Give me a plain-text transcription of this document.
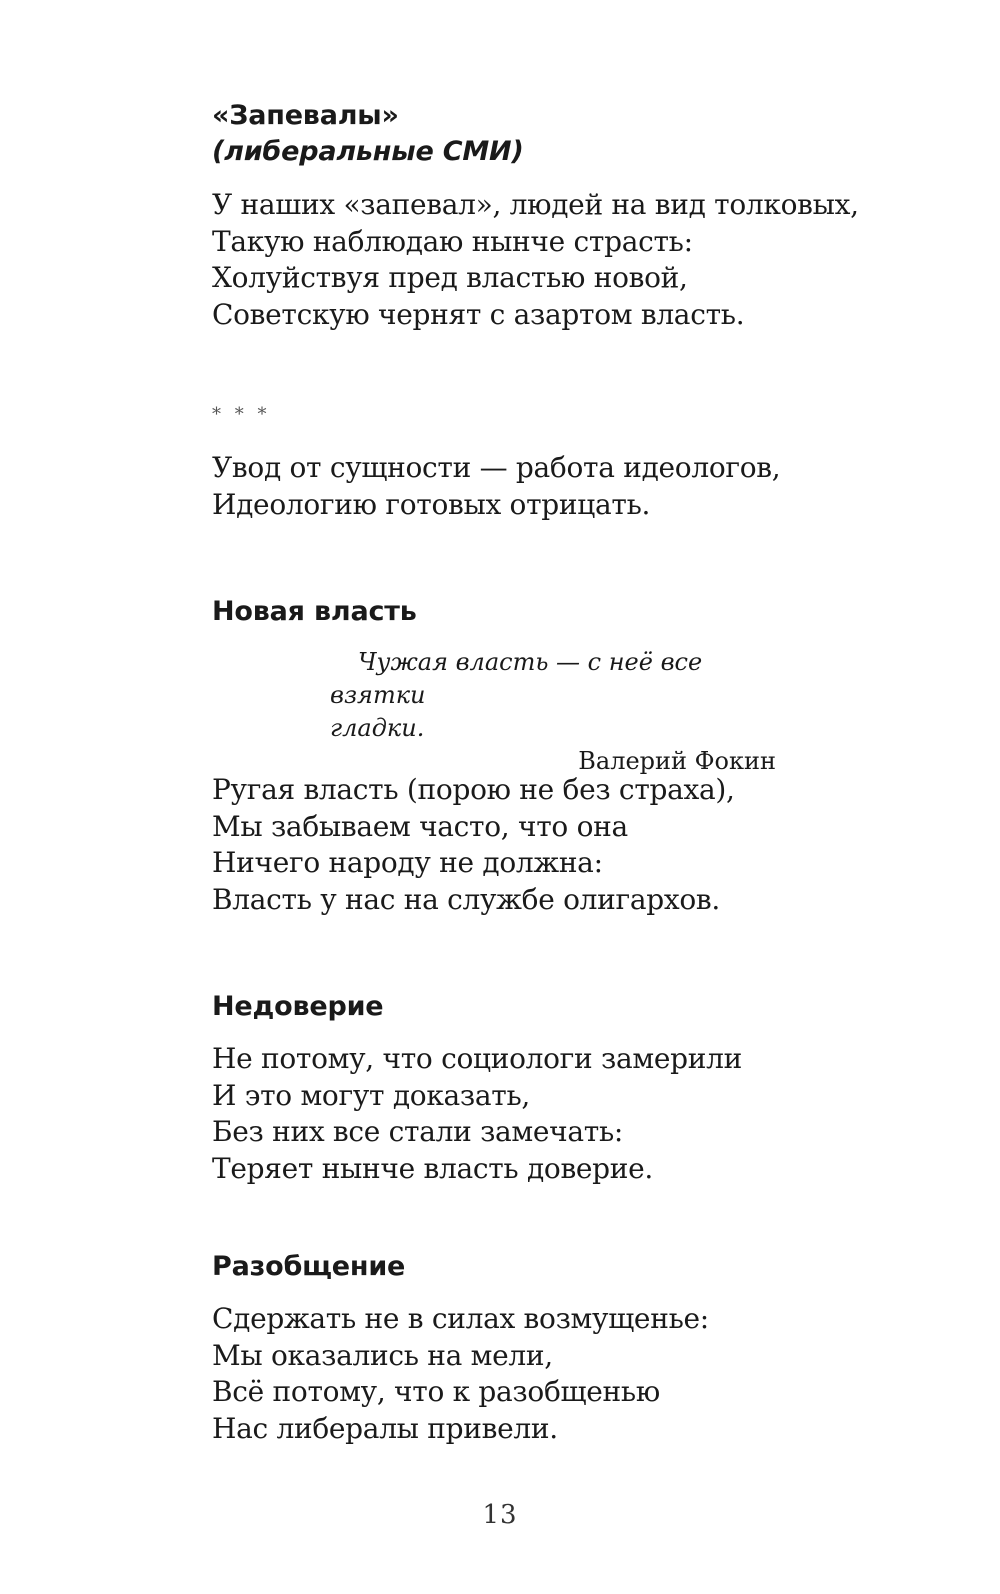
«Запевалы»

(либеральные СМИ)

У наших «запевал», людей на вид толковых,
Такую наблюдаю нынче страсть:
Холуйствуя пред властью новой,
Советскую чернят с азартом власть.

* * *

Увод от сущности — работа идеологов,
Идеологию готовых отрицать.

Новая власть

Чужая власть — с неё все взятки
гладки.

Валерий Фокин

Ругая власть (порою не без страха),
Мы забываем часто, что она
Ничего народу не должна:
Власть у нас на службе олигархов.

Недоверие

Не потому, что социологи замерили
И это могут доказать,
Без них все стали замечать:
Теряет нынче власть доверие.

Разобщение

Сдержать не в силах возмущенье:
Мы оказались на мели,
Всё потому, что к разобщенью
Нас либералы привели.

13
